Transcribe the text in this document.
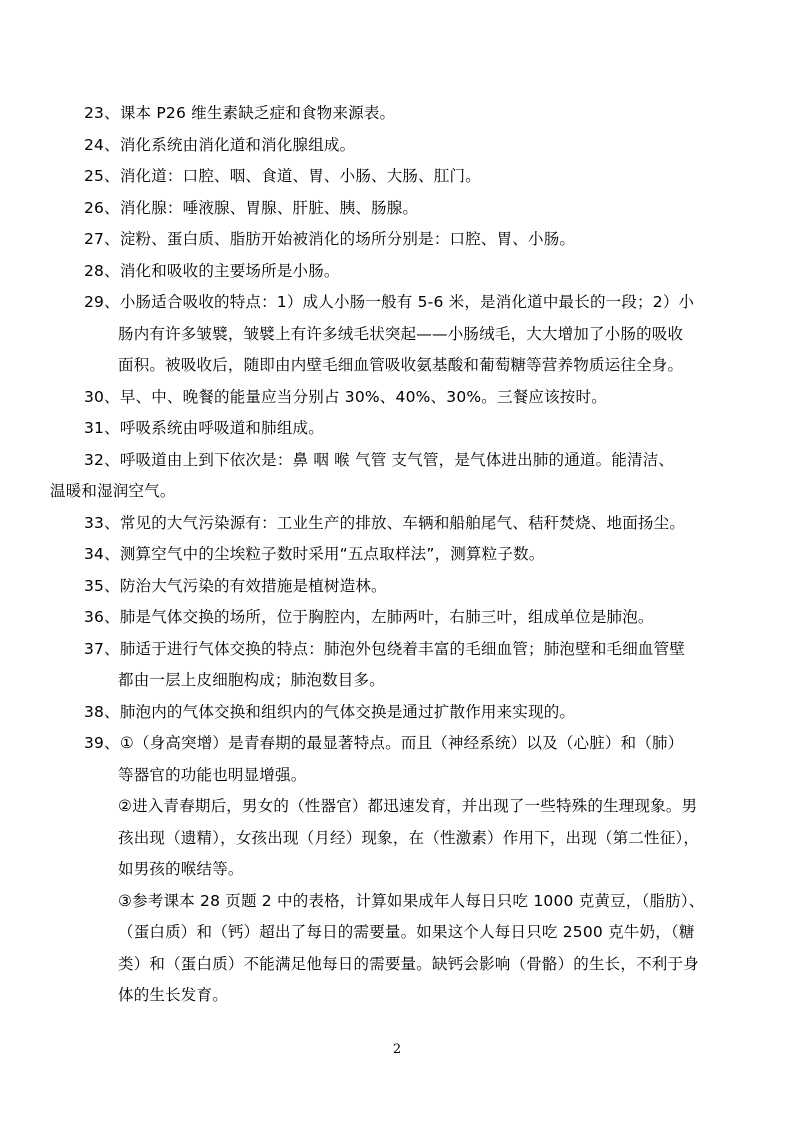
23、课本 P26 维生素缺乏症和食物来源表。
24、消化系统由消化道和消化腺组成。
25、消化道：口腔、咽、食道、胃、小肠、大肠、肛门。
26、消化腺：唾液腺、胃腺、肝脏、胰、肠腺。
27、淀粉、蛋白质、脂肪开始被消化的场所分别是：口腔、胃、小肠。
28、消化和吸收的主要场所是小肠。
29、小肠适合吸收的特点：1）成人小肠一般有 5-6 米，是消化道中最长的一段；2）小
肠内有许多皱襞，皱襞上有许多绒毛状突起——小肠绒毛，大大增加了小肠的吸收
面积。被吸收后，随即由内壁毛细血管吸收氨基酸和葡萄糖等营养物质运往全身。
30、早、中、晚餐的能量应当分别占 30%、40%、30%。三餐应该按时。
31、呼吸系统由呼吸道和肺组成。
32、呼吸道由上到下依次是：鼻 咽 喉 气管 支气管，是气体进出肺的通道。能清洁、
温暖和湿润空气。
33、常见的大气污染源有：工业生产的排放、车辆和船舶尾气、秸秆焚烧、地面扬尘。
34、测算空气中的尘埃粒子数时采用“五点取样法”，测算粒子数。
35、防治大气污染的有效措施是植树造林。
36、肺是气体交换的场所，位于胸腔内，左肺两叶，右肺三叶，组成单位是肺泡。
37、肺适于进行气体交换的特点：肺泡外包绕着丰富的毛细血管；肺泡壁和毛细血管壁
都由一层上皮细胞构成；肺泡数目多。
38、肺泡内的气体交换和组织内的气体交换是通过扩散作用来实现的。
39、①（身高突增）是青春期的最显著特点。而且（神经系统）以及（心脏）和（肺）
等器官的功能也明显增强。
②进入青春期后，男女的（性器官）都迅速发育，并出现了一些特殊的生理现象。男
孩出现（遗精），女孩出现（月经）现象，在（性激素）作用下，出现（第二性征），
如男孩的喉结等。
③参考课本 28 页题 2 中的表格，计算如果成年人每日只吃 1000 克黄豆，（脂肪）、
（蛋白质）和（钙）超出了每日的需要量。如果这个人每日只吃 2500 克牛奶，（糖
类）和（蛋白质）不能满足他每日的需要量。缺钙会影响（骨骼）的生长，不利于身
体的生长发育。
2
